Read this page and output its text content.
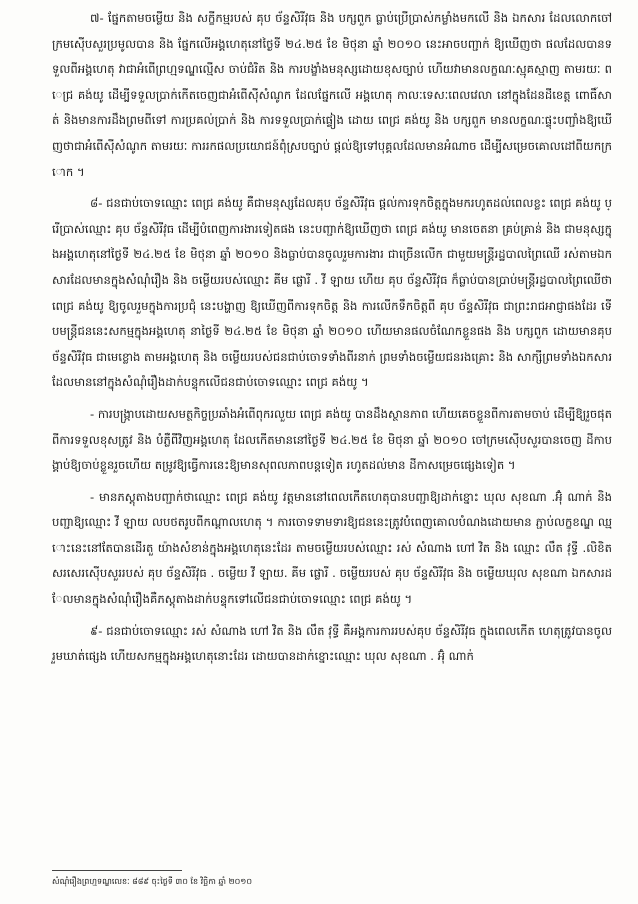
៧- ផ្នែកតាមចម្លើយ និង សក្ខីកម្មរបស់ គុប ច័ន្ទសិរីវុធ និង បក្សពួក ធ្លាប់ប្រើប្រាស់កម្លាំងមកលើ និង ឯកសារ ដែលលោកចៅក្រមស៊ើបសួរប្រមូលបាន និង ផ្នែកលើអង្គហេតុនៅថ្ងៃទី ២៤.២៥ ខែ មិថុនា ឆ្នាំ ២០១០ នេះអាចបញ្ជាក់ ឱ្យឃើញថា ផលដែលបានទទួលពីអង្គហេតុ វាជាអំពើព្រហ្មទណ្ឌល្មើស ចាប់ជំរិត និង ការបង្ខាំងមនុស្សដោយខុសច្បាប់ ហើយវាមានលក្ខណៈស្មុគស្មាញ តាមរយៈ ពេជ្រ គង់យូ ដើម្បីទទួលប្រាក់កើតចេញជាអំពើស៊ីសំណូក ដែលផ្នែកលើ អង្គហេតុ កាលៈទេសៈពេលវេលា នៅក្នុងដែនដីខេត្ត ពោធិ៍សាត់ និងមានការដឹងព្រមពីទៅ ការប្រគល់ប្រាក់ និង ការទទួលប្រាក់ផ្ទៀង ដោយ ពេជ្រ គង់យូ និង បក្សពួក មានលក្ខណៈផ្ទុះបញ្ជាំងឱ្យឃើញថាជាអំពើស៊ីសំណូក តាមរយៈ ការរកផលប្រយោជន៍ពុំស្របច្បាប់ ផ្តល់ឱ្យទៅបុគ្គលដែលមានអំណាច ដើម្បីសម្រេចគោលដៅពីយកក្រោក ។

៨- ជនជាប់ចោទឈ្មោះ ពេជ្រ គង់យូ គឺជាមនុស្សដែលគុប ច័ន្ទសិរីវុធ ផ្តល់ការទុកចិត្តក្នុងមករហូតដល់ពេលខ្លះ ពេជ្រ គង់យូ ប្រើប្រាស់ឈ្មោះ គុប ច័ន្ទសិរីវុធ ដើម្បីបំពេញការងារទៀតផង នេះបញ្ជាក់ឱ្យឃើញថា ពេជ្រ គង់យូ មានចេតនា គ្រប់គ្រាន់ និង ជាមនុស្សក្នុងអង្គហេតុនៅថ្ងៃទី ២៤.២៥ ខែ មិថុនា ឆ្នាំ ២០១០ និងធ្លាប់បានចូលរួមការងារ ជាច្រើនលើក ជាមួយមន្ត្រីរដ្ឋបាលព្រៃឈើ រស់តាមឯកសារដែលមានក្នុងសំណុំរឿង និង ចម្លើយរបស់ឈ្មោះ គីម ផ្លោរី . វី ឡាយ ហើយ គុប ច័ន្ទសិរីវុធ ក៏ធ្លាប់បានប្រាប់មន្ត្រីរដ្ឋបាលព្រៃឈើថា ពេជ្រ គង់យូ ឱ្យចូលរួមក្នុងការប្រជុំ នេះបង្ហាញ ឱ្យឃើញពីការទុកចិត្ត និង ការលើកទឹកចិត្តពី គុប ច័ន្ទសិរីវុធ ជាព្រះរាជអាជ្ញាផងដែរ ទើបមន្ត្រីជននេះសកម្មក្នុងអង្គហេតុ នាថ្ងៃទី ២៤.២៥ ខែ មិថុនា ឆ្នាំ ២០១០ ហើយមានផលចំណែកខ្លួនផង និង បក្សពួក ដោយមានគុប ច័ន្ទសិរីវុធ ជាមេខ្លោង តាមអង្គហេតុ និង ចម្លើយរបស់ជនជាប់ចោទទាំងពីរនាក់ ព្រមទាំងចម្លើយជនរងគ្រោះ និង សាក្សីព្រមទាំងឯកសារ ដែលមាននៅក្នុងសំណុំរឿងដាក់បន្ទុកលើជនជាប់ចោទឈ្មោះ ពេជ្រ គង់យូ ។

- ការបង្រ្កាបដោយសមត្ថកិច្ចប្រឆាំងអំពើពុករលួយ ពេជ្រ គង់យូ បានដឹងស្ថានភាព ហើយគេចខ្លួនពីការតាមចាប់ ដើម្បីឱ្យរួចផុតពីការទទួលខុសត្រូវ និង បំភ្លឺពីវិញអង្គហេតុ ដែលកើតមាននៅថ្ងៃទី ២៤.២៥ ខែ មិថុនា ឆ្នាំ ២០១០ ចៅក្រមស៊ើបសួរបានចេញ ដីកាបង្គាប់ឱ្យចាប់ខ្លួនរួចហើយ តម្រូវឱ្យធ្វើការនេះឱ្យមានសុពលភាពបន្តទៀត រហូតដល់មាន ដីកាសម្រេចផ្សេងទៀត ។

- មានភស្តុតាងបញ្ជាក់ថាឈ្មោះ ពេជ្រ គង់យូ វត្តមាននៅពេលកើតហេតុបានបញ្ជាឱ្យដាក់ខ្នោះ ឃុល សុខណា .អ៊ុំ ណាក់ និង បញ្ជាឱ្យឈ្មោះ វី ឡាយ លបថតរូបពីកណ្តាលហេតុ ។ ការចោទទាមទារឱ្យជននេះត្រូវបំពេញគោលបំណងដោយមាន ភ្ជាប់លក្ខខណ្ឌ ឈ្មោះនេះនៅតែបានដើរតួ យ៉ាងសំខាន់ក្នុងអង្គហេតុនេះដែរ តាមចម្លើយរបស់ឈ្មោះ រស់ សំណាង ហៅ វិត និង ឈ្មោះ លឹត វុទ្ធី .លិខិតសរសេរស៊ើបសួររបស់ គុប ច័ន្ទសិរីវុធ . ចម្លើយ វី ឡាយ. គីម ផ្លោរី . ចម្លើយរបស់ គុប ច័ន្ទសិរីវុធ និង ចម្លើយឃុល សុខណា ឯកសារដែលមានក្នុងសំណុំរឿងគឺភស្តុតាងដាក់បន្ទុកទៅលើជនជាប់ចោទឈ្មោះ ពេជ្រ គង់យូ ។

៩- ជនជាប់ចោទឈ្មោះ រស់ សំណាង ហៅ វិត និង លឹត វុទ្ធី គឺអង្គការការរបស់គុប ច័ន្ទសិរីវុធ ក្នុងពេលកើត ហេតុត្រូវបានចូលរួមឃាត់ផ្សេង ហើយសកម្មក្នុងអង្គហេតុនោះដែរ ដោយបានដាក់ខ្នោះឈ្មោះ ឃុល សុខណា . អ៊ុំ ណាក់

សំណុំរឿងព្រហ្មទណ្ឌលេខៈ ៨៨៩ ចុះថ្ងៃទី ៣០ ខែ វិច្ឆិកា ឆ្នាំ ២០១០
